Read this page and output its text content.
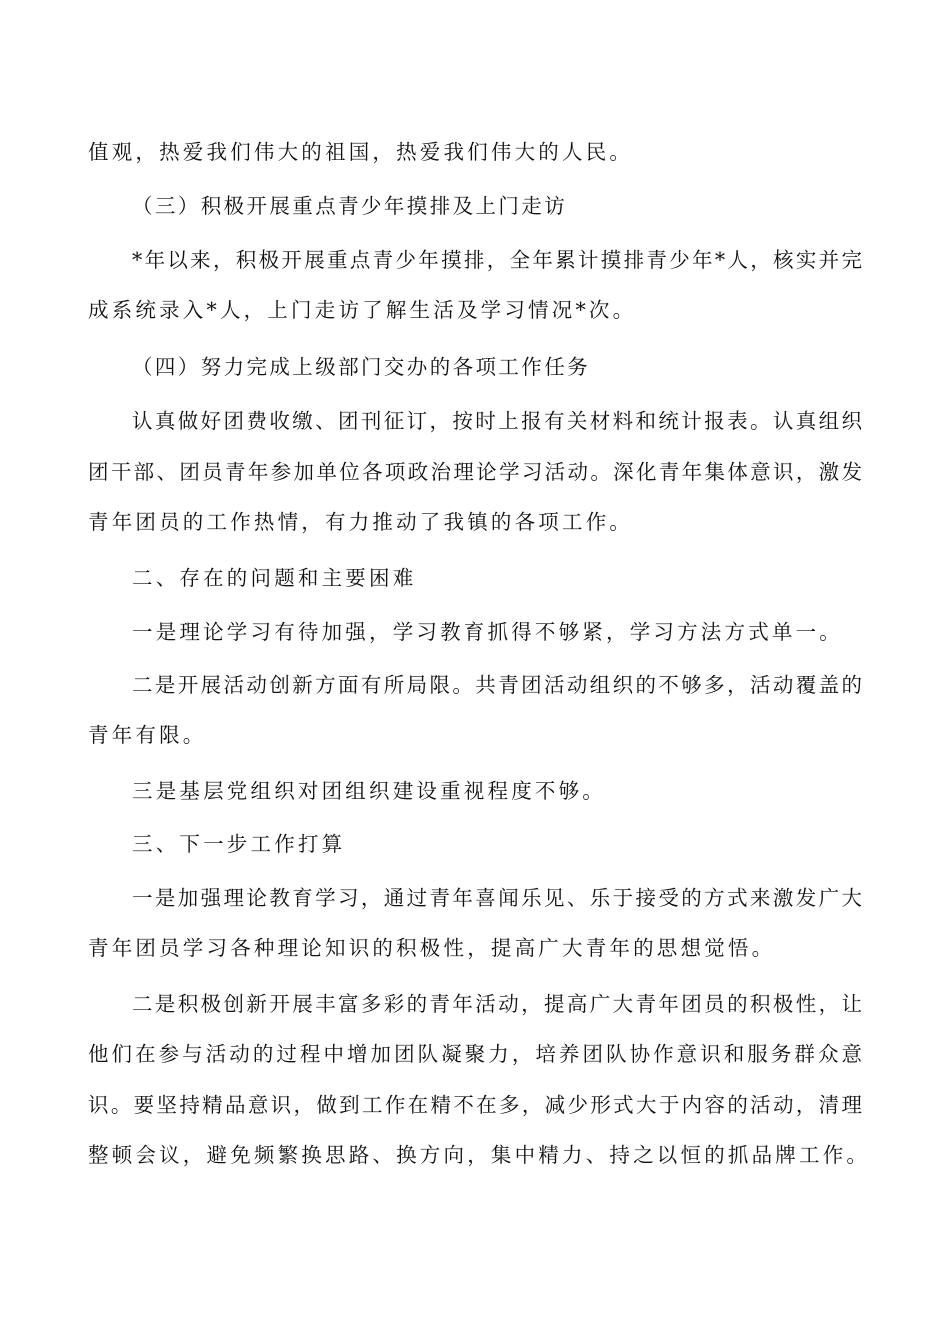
值观，热爱我们伟大的祖国，热爱我们伟大的人民。
（三）积极开展重点青少年摸排及上门走访
*年以来，积极开展重点青少年摸排，全年累计摸排青少年*人，核实并完
成系统录入*人，上门走访了解生活及学习情况*次。
（四）努力完成上级部门交办的各项工作任务
认真做好团费收缴、团刊征订，按时上报有关材料和统计报表。认真组织
团干部、团员青年参加单位各项政治理论学习活动。深化青年集体意识，激发
青年团员的工作热情，有力推动了我镇的各项工作。
二、存在的问题和主要困难
一是理论学习有待加强，学习教育抓得不够紧，学习方法方式单一。
二是开展活动创新方面有所局限。共青团活动组织的不够多，活动覆盖的
青年有限。
三是基层党组织对团组织建设重视程度不够。
三、下一步工作打算
一是加强理论教育学习，通过青年喜闻乐见、乐于接受的方式来激发广大
青年团员学习各种理论知识的积极性，提高广大青年的思想觉悟。
二是积极创新开展丰富多彩的青年活动，提高广大青年团员的积极性，让
他们在参与活动的过程中增加团队凝聚力，培养团队协作意识和服务群众意
识。要坚持精品意识，做到工作在精不在多，减少形式大于内容的活动，清理
整顿会议，避免频繁换思路、换方向，集中精力、持之以恒的抓品牌工作。
